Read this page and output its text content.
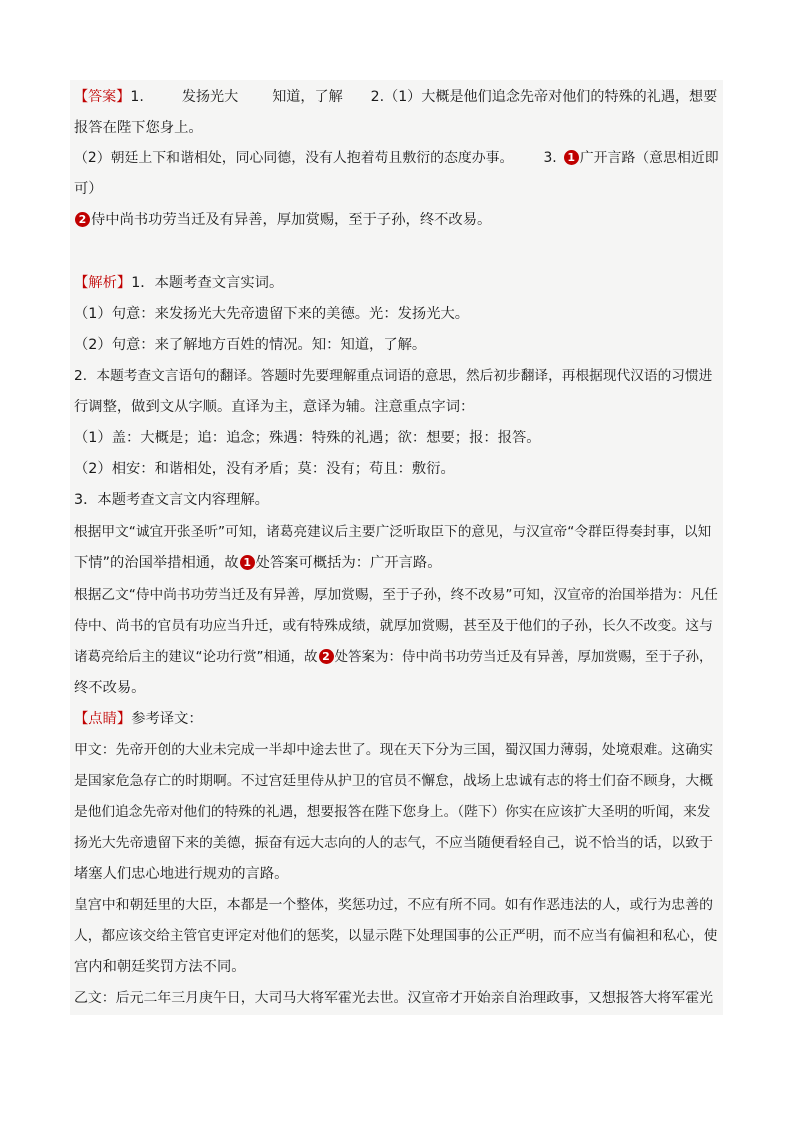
【答案】1.	发扬光大 知道，了解 2.（1）大概是他们追念先帝对他们的特殊的礼遇，想要
报答在陛下您身上。
（2）朝廷上下和谐相处，同心同德，没有人抱着苟且敷衍的态度办事。 3. 1 广开言路（意思相近即
可）
2 侍中尚书功劳当迁及有异善，厚加赏赐，至于子孙，终不改易。
【解析】1．本题考查文言实词。
（1）句意：来发扬光大先帝遗留下来的美德。光：发扬光大。
（2）句意：来了解地方百姓的情况。知：知道，了解。
2．本题考查文言语句的翻译。答题时先要理解重点词语的意思，然后初步翻译，再根据现代汉语的习惯进
行调整，做到文从字顺。直译为主，意译为辅。注意重点字词：
（1）盖：大概是；追：追念；殊遇：特殊的礼遇；欲：想要；报：报答。
（2）相安：和谐相处，没有矛盾；莫：没有；苟且：敷衍。
3．本题考查文言文内容理解。
根据甲文“诚宜开张圣听”可知，诸葛亮建议后主要广泛听取臣下的意见，与汉宣帝“令群臣得奏封事，以知
下情”的治国举措相通，故 1 处答案可概括为：广开言路。
根据乙文“侍中尚书功劳当迁及有异善，厚加赏赐，至于子孙，终不改易”可知，汉宣帝的治国举措为：凡任
侍中、尚书的官员有功应当升迁，或有特殊成绩，就厚加赏赐，甚至及于他们的子孙，长久不改变。这与
诸葛亮给后主的建议“论功行赏”相通，故 2 处答案为：侍中尚书功劳当迁及有异善，厚加赏赐，至于子孙，
终不改易。
【点睛】参考译文：
甲文：先帝开创的大业未完成一半却中途去世了。现在天下分为三国，蜀汉国力薄弱，处境艰难。这确实
是国家危急存亡的时期啊。不过宫廷里侍从护卫的官员不懈怠，战场上忠诚有志的将士们奋不顾身，大概
是他们追念先帝对他们的特殊的礼遇，想要报答在陛下您身上。（陛下）你实在应该扩大圣明的听闻，来发
扬光大先帝遗留下来的美德，振奋有远大志向的人的志气，不应当随便看轻自己，说不恰当的话，以致于
堵塞人们忠心地进行规劝的言路。
皇宫中和朝廷里的大臣，本都是一个整体，奖惩功过，不应有所不同。如有作恶违法的人，或行为忠善的
人，都应该交给主管官吏评定对他们的惩奖，以显示陛下处理国事的公正严明，而不应当有偏袒和私心，使
宫内和朝廷奖罚方法不同。
乙文：后元二年三月庚午日，大司马大将军霍光去世。汉宣帝才开始亲自治理政事，又想报答大将军霍光
